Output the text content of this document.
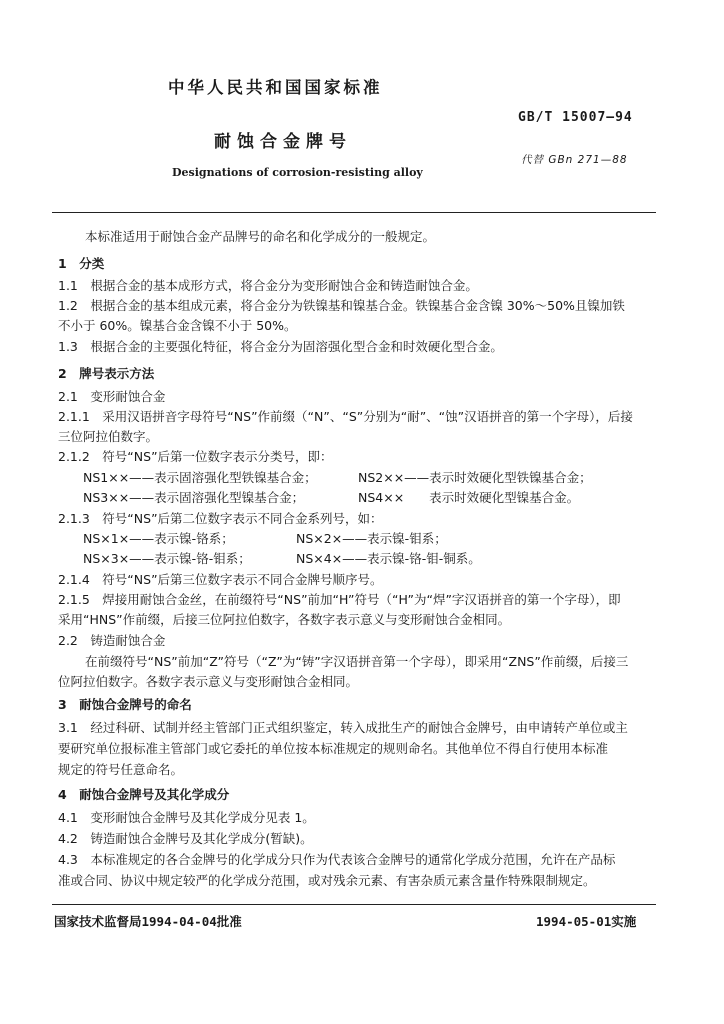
中华人民共和国国家标准
GB/T 15007—94
耐蚀合金牌号
代替 GBn 271—88
Designations of corrosion-resisting alloy
本标准适用于耐蚀合金产品牌号的命名和化学成分的一般规定。
1　分类
1.1　根据合金的基本成形方式，将合金分为变形耐蚀合金和铸造耐蚀合金。
1.2　根据合金的基本组成元素，将合金分为铁镍基和镍基合金。铁镍基合金含镍 30%～50%且镍加铁
不小于 60%。镍基合金含镍不小于 50%。
1.3　根据合金的主要强化特征，将合金分为固溶强化型合金和时效硬化型合金。
2　牌号表示方法
2.1　变形耐蚀合金
2.1.1　采用汉语拼音字母符号“NS”作前缀（“N”、“S”分别为“耐”、“蚀”汉语拼音的第一个字母），后接
三位阿拉伯数字。
2.1.2　符号“NS”后第一位数字表示分类号，即：
NS1××——表示固溶强化型铁镍基合金；	NS2××——表示时效硬化型铁镍基合金；
NS3××——表示固溶强化型镍基合金；	NS4××　　表示时效硬化型镍基合金。
2.1.3　符号“NS”后第二位数字表示不同合金系列号，如：
NS×1×——表示镍-铬系；	NS×2×——表示镍-钼系；
NS×3×——表示镍-铬-钼系；	NS×4×——表示镍-铬-钼-铜系。
2.1.4　符号“NS”后第三位数字表示不同合金牌号顺序号。
2.1.5　焊接用耐蚀合金丝，在前缀符号“NS”前加“H”符号（“H”为“焊”字汉语拼音的第一个字母），即
采用“HNS”作前缀，后接三位阿拉伯数字，各数字表示意义与变形耐蚀合金相同。
2.2　铸造耐蚀合金
在前缀符号“NS”前加“Z”符号（“Z”为“铸”字汉语拼音第一个字母），即采用“ZNS”作前缀，后接三
位阿拉伯数字。各数字表示意义与变形耐蚀合金相同。
3　耐蚀合金牌号的命名
3.1　经过科研、试制并经主管部门正式组织鉴定，转入成批生产的耐蚀合金牌号，由申请转产单位或主
要研究单位报标准主管部门或它委托的单位按本标准规定的规则命名。其他单位不得自行使用本标准
规定的符号任意命名。
4　耐蚀合金牌号及其化学成分
4.1　变形耐蚀合金牌号及其化学成分见表 1。
4.2　铸造耐蚀合金牌号及其化学成分(暂缺)。
4.3　本标准规定的各合金牌号的化学成分只作为代表该合金牌号的通常化学成分范围，允许在产品标
准或合同、协议中规定较严的化学成分范围，或对残余元素、有害杂质元素含量作特殊限制规定。
国家技术监督局1994-04-04批准	1994-05-01实施
